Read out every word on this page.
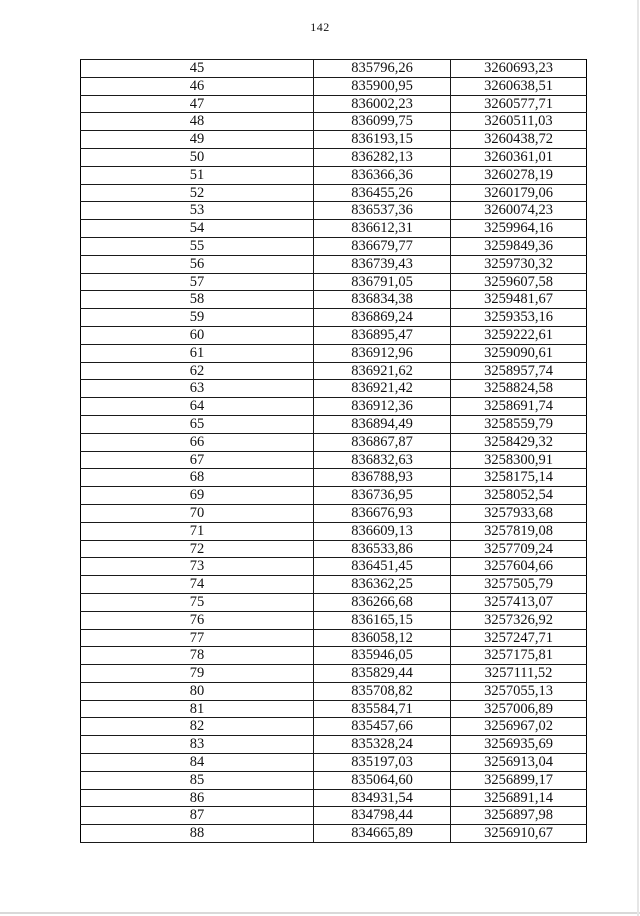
142
45	835796,26	3260693,23
46	835900,95	3260638,51
47	836002,23	3260577,71
48	836099,75	3260511,03
49	836193,15	3260438,72
50	836282,13	3260361,01
51	836366,36	3260278,19
52	836455,26	3260179,06
53	836537,36	3260074,23
54	836612,31	3259964,16
55	836679,77	3259849,36
56	836739,43	3259730,32
57	836791,05	3259607,58
58	836834,38	3259481,67
59	836869,24	3259353,16
60	836895,47	3259222,61
61	836912,96	3259090,61
62	836921,62	3258957,74
63	836921,42	3258824,58
64	836912,36	3258691,74
65	836894,49	3258559,79
66	836867,87	3258429,32
67	836832,63	3258300,91
68	836788,93	3258175,14
69	836736,95	3258052,54
70	836676,93	3257933,68
71	836609,13	3257819,08
72	836533,86	3257709,24
73	836451,45	3257604,66
74	836362,25	3257505,79
75	836266,68	3257413,07
76	836165,15	3257326,92
77	836058,12	3257247,71
78	835946,05	3257175,81
79	835829,44	3257111,52
80	835708,82	3257055,13
81	835584,71	3257006,89
82	835457,66	3256967,02
83	835328,24	3256935,69
84	835197,03	3256913,04
85	835064,60	3256899,17
86	834931,54	3256891,14
87	834798,44	3256897,98
88	834665,89	3256910,67
